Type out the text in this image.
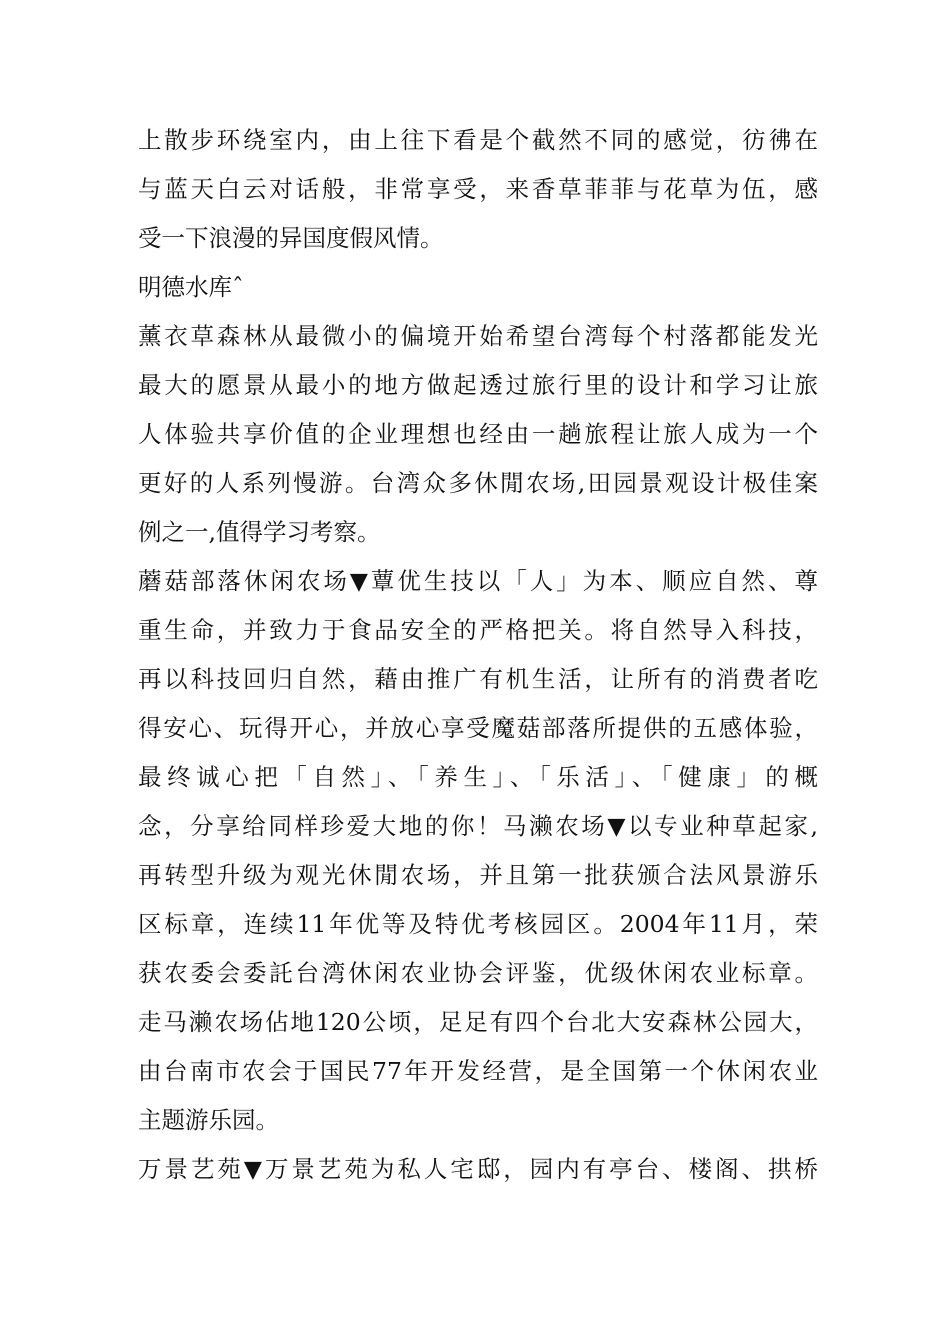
上散步环绕室内，由上往下看是个截然不同的感觉，彷彿在
与蓝天白云对话般，非常享受，来香草菲菲与花草为伍，感
受一下浪漫的异国度假风情。
明德水库ˆ
薰衣草森林从最微小的偏境开始希望台湾每个村落都能发光
最大的愿景从最小的地方做起透过旅行里的设计和学习让旅
人体验共享价值的企业理想也经由一趟旅程让旅人成为一个
更好的人系列慢游。台湾众多休閒农场,田园景观设计极佳案
例之一,值得学习考察。
蘑菇部落休闲农场▼蕈优生技以「人」为本、顺应自然、尊
重生命，并致力于食品安全的严格把关。将自然导入科技，
再以科技回归自然，藉由推广有机生活，让所有的消费者吃
得安心、玩得开心，并放心享受魔菇部落所提供的五感体验，
最终诚心把「自然」、「养生」、「乐活」、「健康」的概
念，分享给同样珍爱大地的你！马濑农场▼以专业种草起家,
再转型升级为观光休閒农场，并且第一批获颁合法风景游乐
区标章，连续11年优等及特优考核园区。2004年11月，荣
获农委会委託台湾休闲农业协会评鉴，优级休闲农业标章。
走马濑农场佔地120公顷，足足有四个台北大安森林公园大，
由台南市农会于国民77年开发经营，是全国第一个休闲农业
主题游乐园。
万景艺苑▼万景艺苑为私人宅邸，园内有亭台、楼阁、拱桥
